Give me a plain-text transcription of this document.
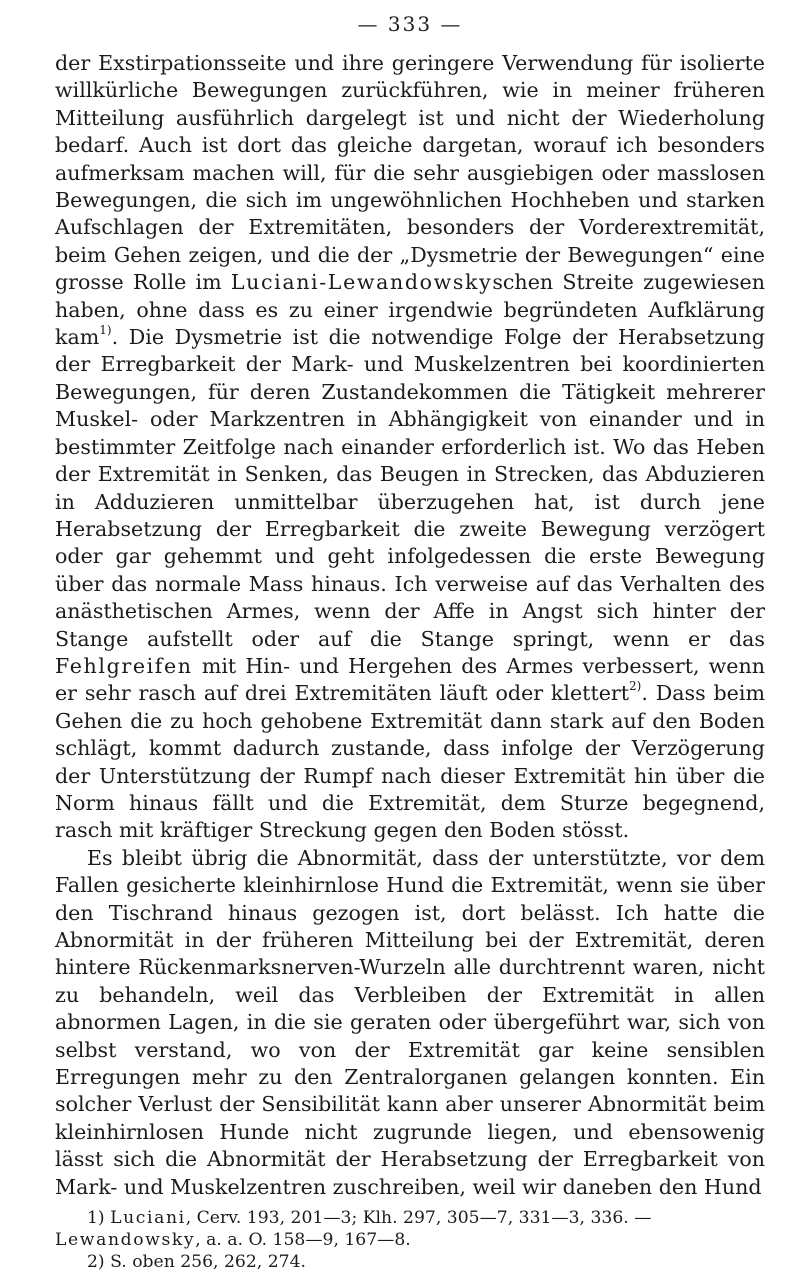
— 333 —

der Exstirpationsseite und ihre geringere Verwendung für isolierte willkürliche Bewegungen zurückführen, wie in meiner früheren Mitteilung ausführlich dargelegt ist und nicht der Wiederholung bedarf. Auch ist dort das gleiche dargetan, worauf ich besonders aufmerksam machen will, für die sehr ausgiebigen oder masslosen Bewegungen, die sich im ungewöhnlichen Hochheben und starken Aufschlagen der Extremitäten, besonders der Vorderextremität, beim Gehen zeigen, und die der „Dysmetrie der Bewegungen“ eine grosse Rolle im Luciani-Lewandowskyschen Streite zugewiesen haben, ohne dass es zu einer irgendwie begründeten Aufklärung kam$^{1)}$. Die Dysmetrie ist die notwendige Folge der Herabsetzung der Erregbarkeit der Mark- und Muskelzentren bei koordinierten Bewegungen, für deren Zustandekommen die Tätigkeit mehrerer Muskel- oder Markzentren in Abhängigkeit von einander und in bestimmter Zeitfolge nach einander erforderlich ist. Wo das Heben der Extremität in Senken, das Beugen in Strecken, das Abduzieren in Adduzieren unmittelbar überzugehen hat, ist durch jene Herabsetzung der Erregbarkeit die zweite Bewegung verzögert oder gar gehemmt und geht infolgedessen die erste Bewegung über das normale Mass hinaus. Ich verweise auf das Verhalten des anästhetischen Armes, wenn der Affe in Angst sich hinter der Stange aufstellt oder auf die Stange springt, wenn er das Fehlgreifen mit Hin- und Hergehen des Armes verbessert, wenn er sehr rasch auf drei Extremitäten läuft oder klettert$^{2)}$. Dass beim Gehen die zu hoch gehobene Extremität dann stark auf den Boden schlägt, kommt dadurch zustande, dass infolge der Verzögerung der Unterstützung der Rumpf nach dieser Extremität hin über die Norm hinaus fällt und die Extremität, dem Sturze begegnend, rasch mit kräftiger Streckung gegen den Boden stösst.

Es bleibt übrig die Abnormität, dass der unterstützte, vor dem Fallen gesicherte kleinhirnlose Hund die Extremität, wenn sie über den Tischrand hinaus gezogen ist, dort belässt. Ich hatte die Abnormität in der früheren Mitteilung bei der Extremität, deren hintere Rückenmarksnerven-Wurzeln alle durchtrennt waren, nicht zu behandeln, weil das Verbleiben der Extremität in allen abnormen Lagen, in die sie geraten oder übergeführt war, sich von selbst verstand, wo von der Extremität gar keine sensiblen Erregungen mehr zu den Zentralorganen gelangen konnten. Ein solcher Verlust der Sensibilität kann aber unserer Abnormität beim kleinhirnlosen Hunde nicht zugrunde liegen, und ebensowenig lässt sich die Abnormität der Herabsetzung der Erregbarkeit von Mark- und Muskelzentren zuschreiben, weil wir daneben den Hund

1) Luciani, Cerv. 193, 201—3; Klh. 297, 305—7, 331—3, 336. — Lewandowsky, a. a. O. 158—9, 167—8.

2) S. oben 256, 262, 274.
